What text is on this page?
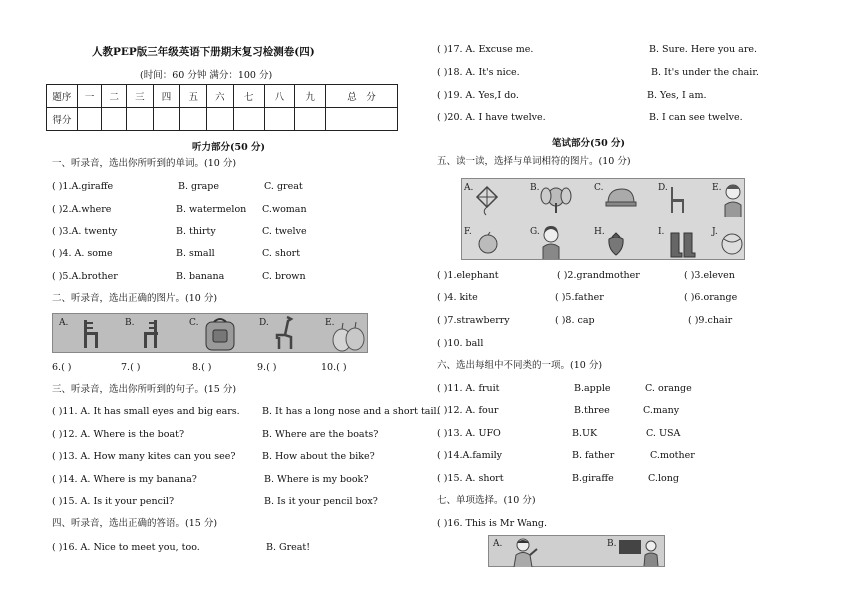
人教PEP版三年级英语下册期末复习检测卷(四)
(时间：60 分钟 满分：100 分)
题序	一	二	三	四	五	六	七	八	九	总　分
得分										
听力部分(50 分)
一、听录音，选出你所听到的单词。(10 分)
( )1.A.giraffe	B. grape	C. great
( )2.A.where	B. watermelon C.woman
( )3.A. twenty	B. thirty	C. twelve
( )4. A. some	B. small	C. short
( )5.A.brother	B. banana	C. brown
二、听录音，选出正确的图片。(10 分)
A.	B.	C.	D.	E.
6.( )	7.( )	8.( )	9.( )	10.( )
三、听录音，选出你所听到的句子。(15 分)
( )11. A. It has small eyes and big ears. B. It has a long nose and a short tail.
( )12. A. Where is the boat?	B. Where are the boats?
( )13. A. How many kites can you see?	B. How about the bike?
( )14. A. Where is my banana?	B. Where is my book?
( )15. A. Is it your pencil?	B. Is it your pencil box?
四、听录音，选出正确的答语。(15 分)
( )16. A. Nice to meet you, too.	B. Great!
( )17. A. Excuse me.	B. Sure. Here you are.
( )18. A. It's nice.	B. It's under the chair.
( )19. A. Yes,I do.	B. Yes, I am.
( )20. A. I have twelve.	B. I can see twelve.
笔试部分(50 分)
五、读一读，选择与单词相符的图片。(10 分)
A.	B.	C.	D.	E.
F.	G.	H.	I.	J.
( )1.elephant	( )2.grandmother	( )3.eleven
( )4. kite	( )5.father	( )6.orange
( )7.strawberry	( )8. cap	( )9.chair
( )10. ball
六、选出每组中不同类的一项。(10 分)
( )11. A. fruit	B.apple	C. orange
( )12. A. four	B.three	C.many
( )13. A. UFO	B.UK	C. USA
( )14.A.family	B. father	C.mother
( )15. A. short	B.giraffe	C.long
七、单项选择。(10 分)
( )16. This is Mr Wang.
A.	B.
